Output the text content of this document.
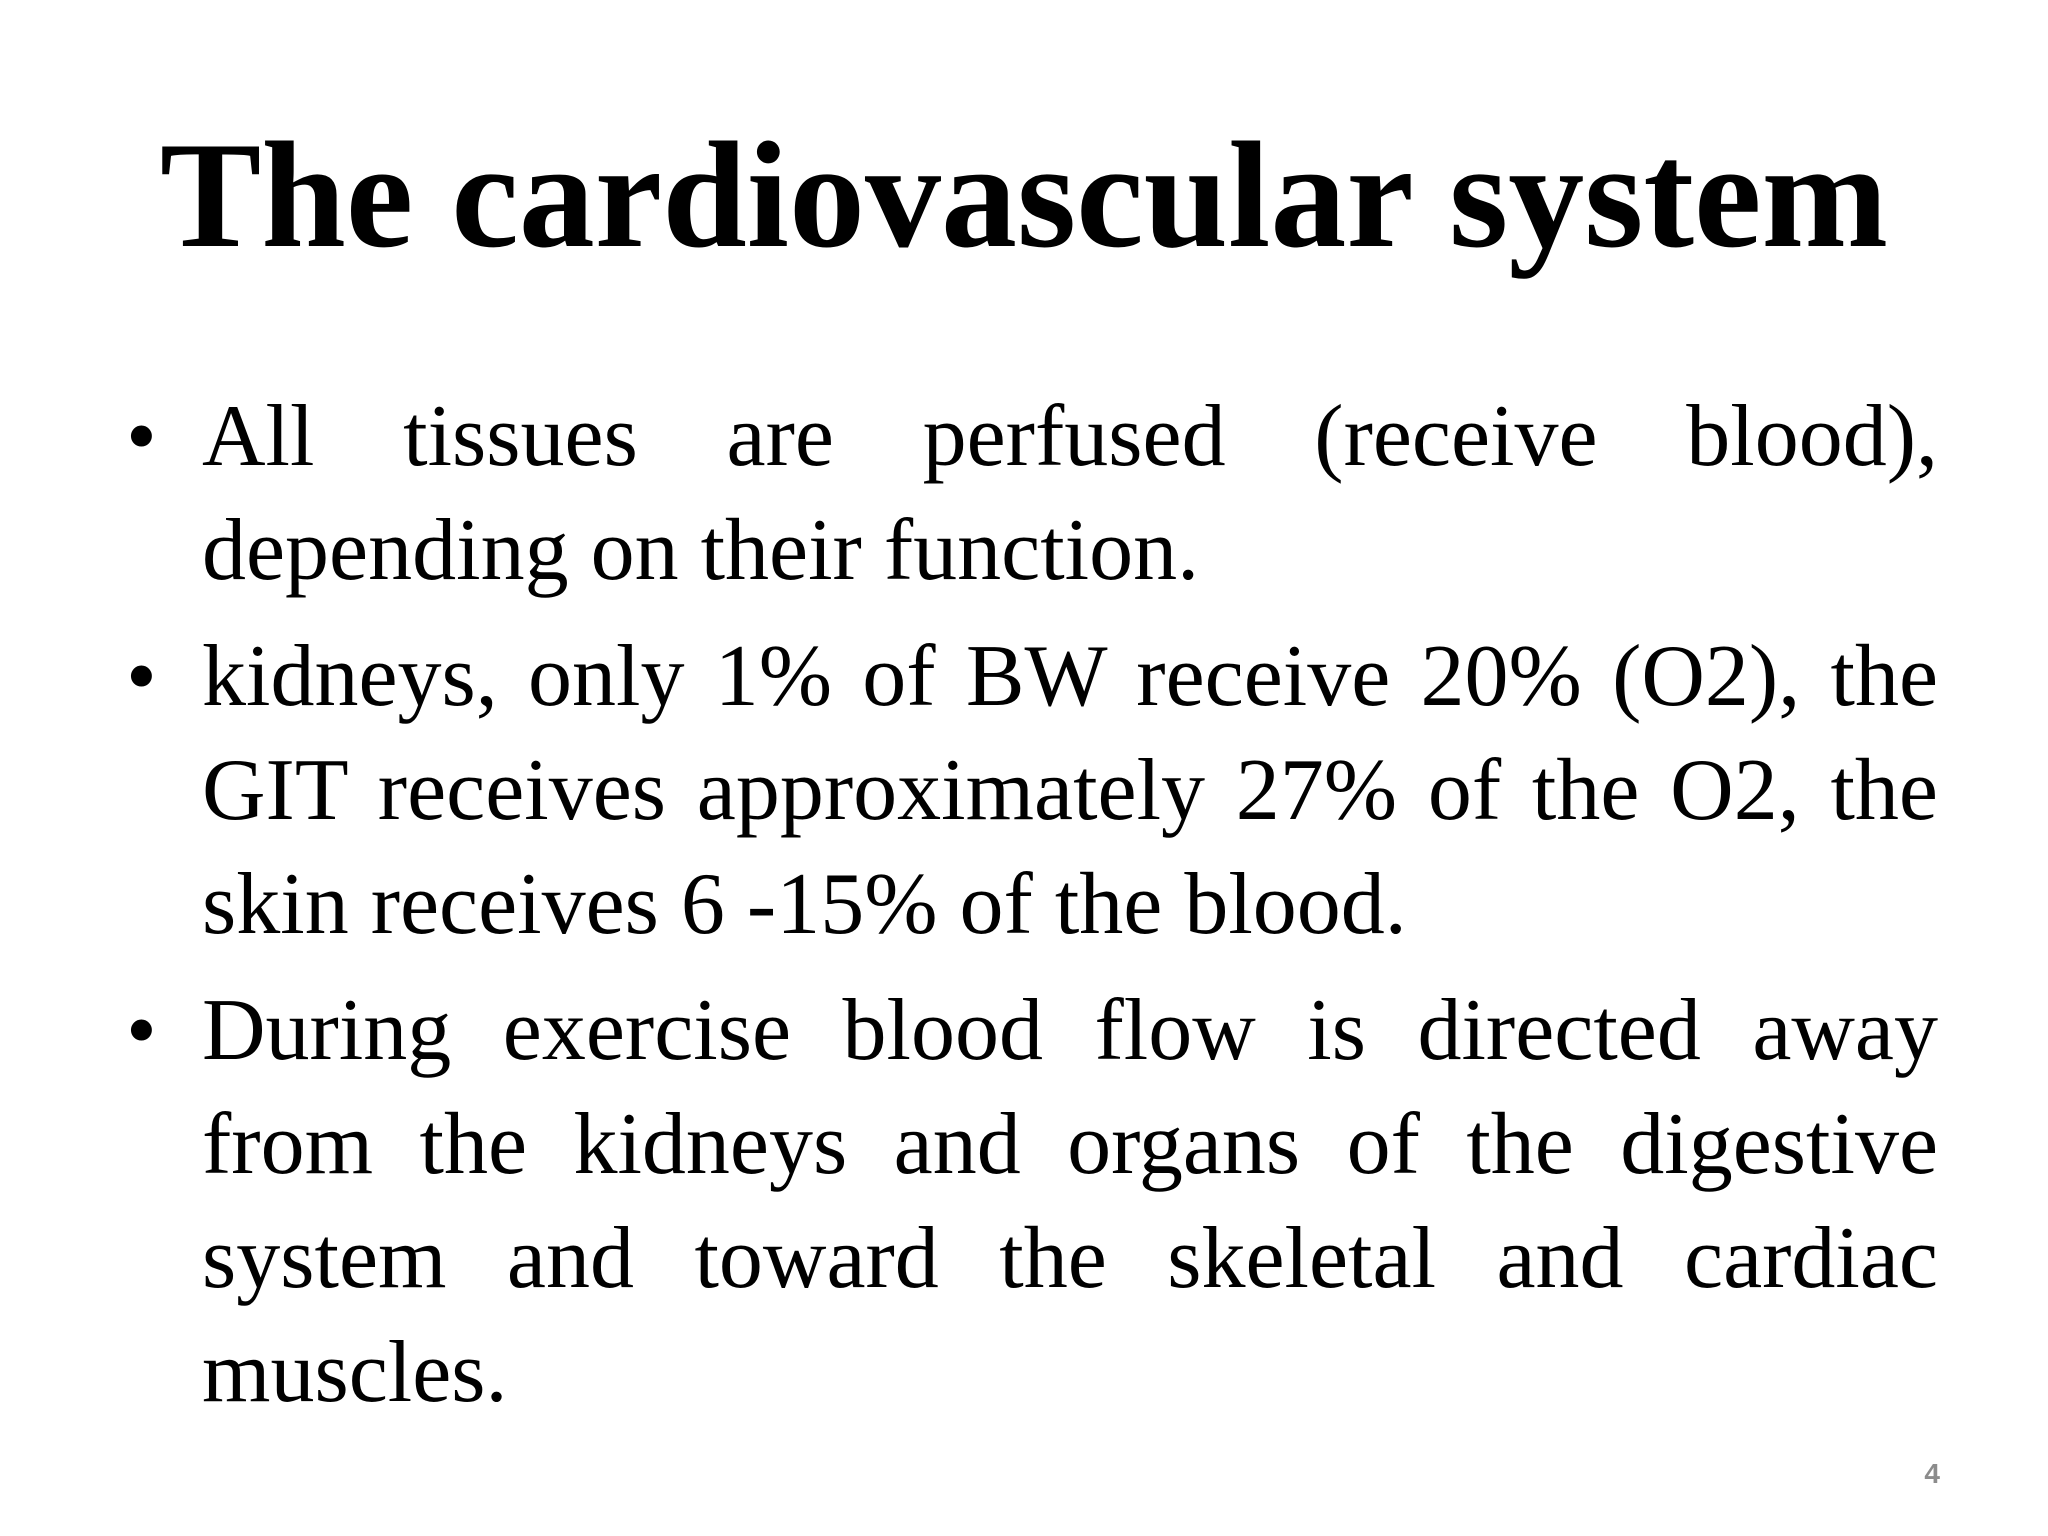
The cardiovascular system
• All tissues are perfused (receive blood), depending on their function.
• kidneys, only 1% of BW receive 20% (O2), the GIT receives approximately 27% of the O2, the skin receives 6 -15% of the blood.
• During exercise blood flow is directed away from the kidneys and organs of the digestive system and toward the skeletal and cardiac muscles.
4
